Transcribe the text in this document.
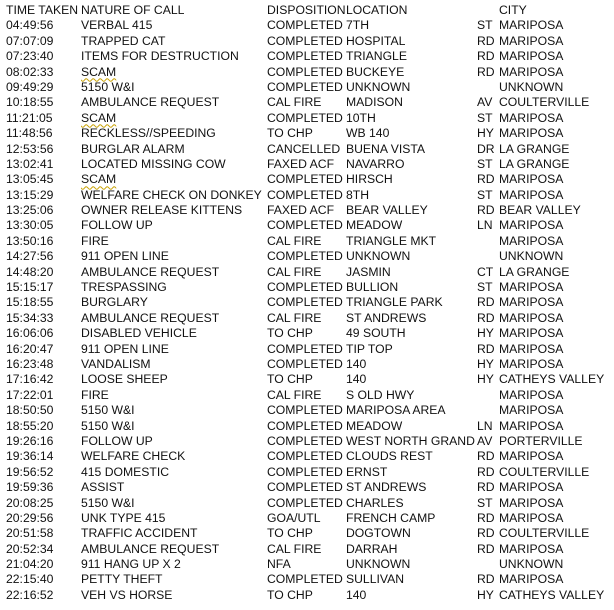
TIME TAKEN NATURE OF CALL	DISPOSITION LOCATION	CITY
04:49:56 VERBAL 415	COMPLETED 7TH	ST MARIPOSA
07:07:09 TRAPPED CAT	COMPLETED HOSPITAL	RD MARIPOSA
07:23:40 ITEMS FOR DESTRUCTION COMPLETED TRIANGLE	RD MARIPOSA
08:02:33 SCAM	COMPLETED BUCKEYE	RD MARIPOSA
09:49:29 5150 W&I	COMPLETED UNKNOWN	UNKNOWN
10:18:55 AMBULANCE REQUEST	CAL FIRE MADISON	AV COULTERVILLE
11:21:05 SCAM	COMPLETED 10TH	ST MARIPOSA
11:48:56 RECKLESS//SPEEDING	TO CHP	WB 140	HY MARIPOSA
12:53:56 BURGLAR ALARM	CANCELLED BUENA VISTA	DR LA GRANGE
13:02:41 LOCATED MISSING COW	FAXED ACF NAVARRO	ST LA GRANGE
13:05:45 SCAM	COMPLETED HIRSCH	RD MARIPOSA
13:15:29 WELFARE CHECK ON DONKEY COMPLETED 8TH	ST MARIPOSA
13:25:06 OWNER RELEASE KITTENS FAXED ACF BEAR VALLEY	RD BEAR VALLEY
13:30:05 FOLLOW UP	COMPLETED MEADOW	LN MARIPOSA
13:50:16 FIRE	CAL FIRE TRIANGLE MKT	MARIPOSA
14:27:56 911 OPEN LINE	COMPLETED UNKNOWN	UNKNOWN
14:48:20 AMBULANCE REQUEST	CAL FIRE JASMIN	CT LA GRANGE
15:15:17 TRESPASSING	COMPLETED BULLION	ST MARIPOSA
15:18:55 BURGLARY	COMPLETED TRIANGLE PARK	RD MARIPOSA
15:34:33 AMBULANCE REQUEST	CAL FIRE ST ANDREWS	RD MARIPOSA
16:06:06 DISABLED VEHICLE	TO CHP	49 SOUTH	HY MARIPOSA
16:20:47 911 OPEN LINE	COMPLETED TIP TOP	RD MARIPOSA
16:23:48 VANDALISM	COMPLETED 140	HY MARIPOSA
17:16:42 LOOSE SHEEP	TO CHP	140	HY CATHEYS VALLEY
17:22:01 FIRE	CAL FIRE S OLD HWY	MARIPOSA
18:50:50 5150 W&I	COMPLETED MARIPOSA AREA	MARIPOSA
18:55:20 5150 W&I	COMPLETED MEADOW	LN MARIPOSA
19:26:16 FOLLOW UP	COMPLETED WEST NORTH GRAND AV PORTERVILLE
19:36:14 WELFARE CHECK	COMPLETED CLOUDS REST	RD MARIPOSA
19:56:52 415 DOMESTIC	COMPLETED ERNST	RD COULTERVILLE
19:59:36 ASSIST	COMPLETED ST ANDREWS	RD MARIPOSA
20:08:25 5150 W&I	COMPLETED CHARLES	ST MARIPOSA
20:29:56 UNK TYPE 415	GOA/UTL FRENCH CAMP	RD MARIPOSA
20:51:58 TRAFFIC ACCIDENT	TO CHP	DOGTOWN	RD COULTERVILLE
20:52:34 AMBULANCE REQUEST	CAL FIRE DARRAH	RD MARIPOSA
21:04:20 911 HANG UP X 2	NFA	UNKNOWN	UNKNOWN
22:15:40 PETTY THEFT	COMPLETED SULLIVAN	RD MARIPOSA
22:16:52 VEH VS HORSE	TO CHP	140	HY CATHEYS VALLEY
